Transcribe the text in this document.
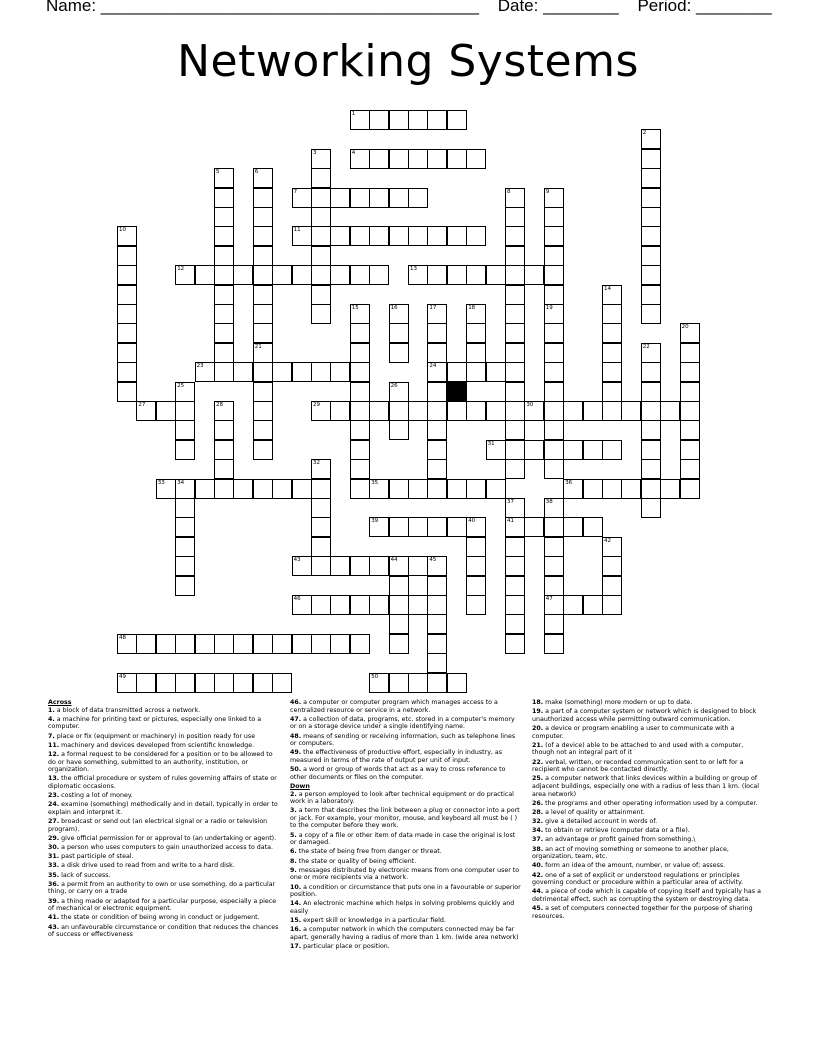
Name: ________________________________________ Date: ________ Period: ________
Networking Systems
1
2
3	4
5	6
7	8	9
19
10	11
12	13
14
15	16	17
24
18
20
21	22
23
25	26
27	28	29	30
31
32
33 34	35	36
37
41
38
47
39	40
42
43	44	45
46
48
49	50
Across
1. a block of data transmitted across a network.
4. a machine for printing text or pictures, especially one linked to a computer.
7. place or fix (equipment or machinery) in position ready for use
11. machinery and devices developed from scientific knowledge.
12. a formal request to be considered for a position or to be allowed to do or have something, submitted to an authority, institution, or organization.
13. the official procedure or system of rules governing affairs of state or diplomatic occasions.
23. costing a lot of money.
24. examine (something) methodically and in detail, typically in order to explain and interpret it.
27. broadcast or send out (an electrical signal or a radio or television program).
29. give official permission for or approval to (an undertaking or agent).
30. a person who uses computers to gain unauthorized access to data.
31. past participle of steal.
33. a disk drive used to read from and write to a hard disk.
35. lack of success.
36. a permit from an authority to own or use something, do a particular thing, or carry on a trade
39. a thing made or adapted for a particular purpose, especially a piece of mechanical or electronic equipment.
41. the state or condition of being wrong in conduct or judgement.
43. an unfavourable circumstance or condition that reduces the chances of success or effectiveness
46. a computer or computer program which manages access to a centralized resource or service in a network.
47. a collection of data, programs, etc. stored in a computer's memory or on a storage device under a single identifying name.
48. means of sending or receiving information, such as telephone lines or computers.
49. the effectiveness of productive effort, especially in industry, as measured in terms of the rate of output per unit of input.
50. a word or group of words that act as a way to cross reference to other documents or files on the computer.
Down
2. a person employed to look after technical equipment or do practical work in a laboratory.
3. a term that describes the link between a plug or connector into a port or jack. For example, your monitor, mouse, and keyboard all must be ( ) to the computer before they work.
5. a copy of a file or other item of data made in case the original is lost or damaged.
6. the state of being free from danger or threat.
8. the state or quality of being efficient.
9. messages distributed by electronic means from one computer user to one or more recipients via a network.
10. a condition or circumstance that puts one in a favourable or superior position.
14. An electronic machine which helps in solving problems quickly and easily
15. expert skill or knowledge in a particular field.
16. a computer network in which the computers connected may be far apart, generally having a radius of more than 1 km. (wide area network)
17. particular place or position.
18. make (something) more modern or up to date.
19. a part of a computer system or network which is designed to block unauthorized access while permitting outward communication.
20. a device or program enabling a user to communicate with a computer.
21. (of a device) able to be attached to and used with a computer, though not an integral part of it
22. verbal, written, or recorded communication sent to or left for a recipient who cannot be contacted directly.
25. a computer network that links devices within a building or group of adjacent buildings, especially one with a radius of less than 1 km. (local area network)
26. the programs and other operating information used by a computer.
28. a level of quality or attainment.
32. give a detailed account in words of.
34. to obtain or retrieve (computer data or a file).
37. an advantage or profit gained from something.\
38. an act of moving something or someone to another place, organization, team, etc.
40. form an idea of the amount, number, or value of; assess.
42. one of a set of explicit or understood regulations or principles governing conduct or procedure within a particular area of activity.
44. a piece of code which is capable of copying itself and typically has a detrimental effect, such as corrupting the system or destroying data.
45. a set of computers connected together for the purpose of sharing resources.
